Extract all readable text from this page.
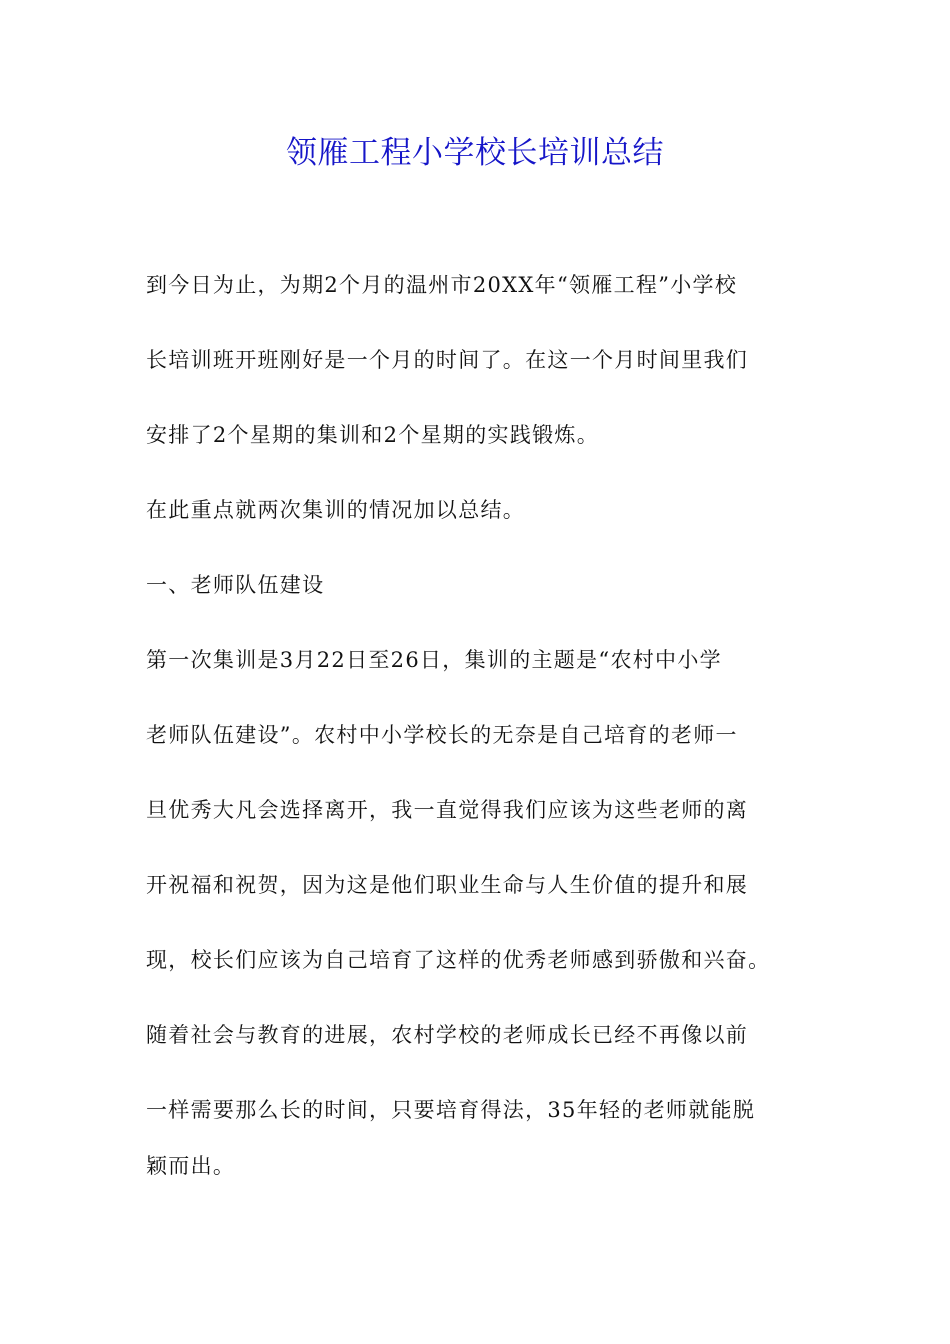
领雁工程小学校长培训总结
到今日为止，为期2个月的温州市20XX年“领雁工程”小学校
长培训班开班刚好是一个月的时间了。在这一个月时间里我们
安排了2个星期的集训和2个星期的实践锻炼。
在此重点就两次集训的情况加以总结。
一、老师队伍建设
第一次集训是3月22日至26日，集训的主题是“农村中小学
老师队伍建设”。农村中小学校长的无奈是自己培育的老师一
旦优秀大凡会选择离开，我一直觉得我们应该为这些老师的离
开祝福和祝贺，因为这是他们职业生命与人生价值的提升和展
现，校长们应该为自己培育了这样的优秀老师感到骄傲和兴奋。
随着社会与教育的进展，农村学校的老师成长已经不再像以前
一样需要那么长的时间，只要培育得法，35年轻的老师就能脱
颖而出。
